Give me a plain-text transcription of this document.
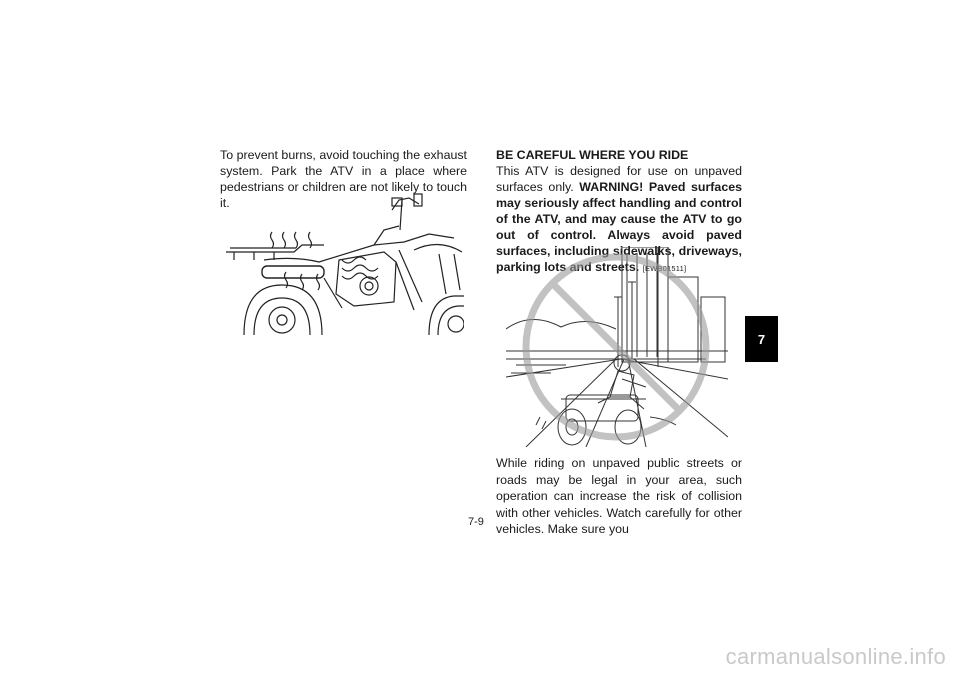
To prevent burns, avoid touching the exhaust system. Park the ATV in a place where pedestrians or children are not likely to touch it.

BE CAREFUL WHERE YOU RIDE

This ATV is designed for use on unpaved surfaces only. WARNING! Paved surfaces may seriously affect handling and control of the ATV, and may cause the ATV to go out of control. Always avoid paved surfaces, including sidewalks, driveways, parking lots and streets. [EWB01511]

While riding on unpaved public streets or roads may be legal in your area, such operation can increase the risk of collision with other vehicles. Watch carefully for other vehicles. Make sure you

7-9
7
carmanualsonline.info
